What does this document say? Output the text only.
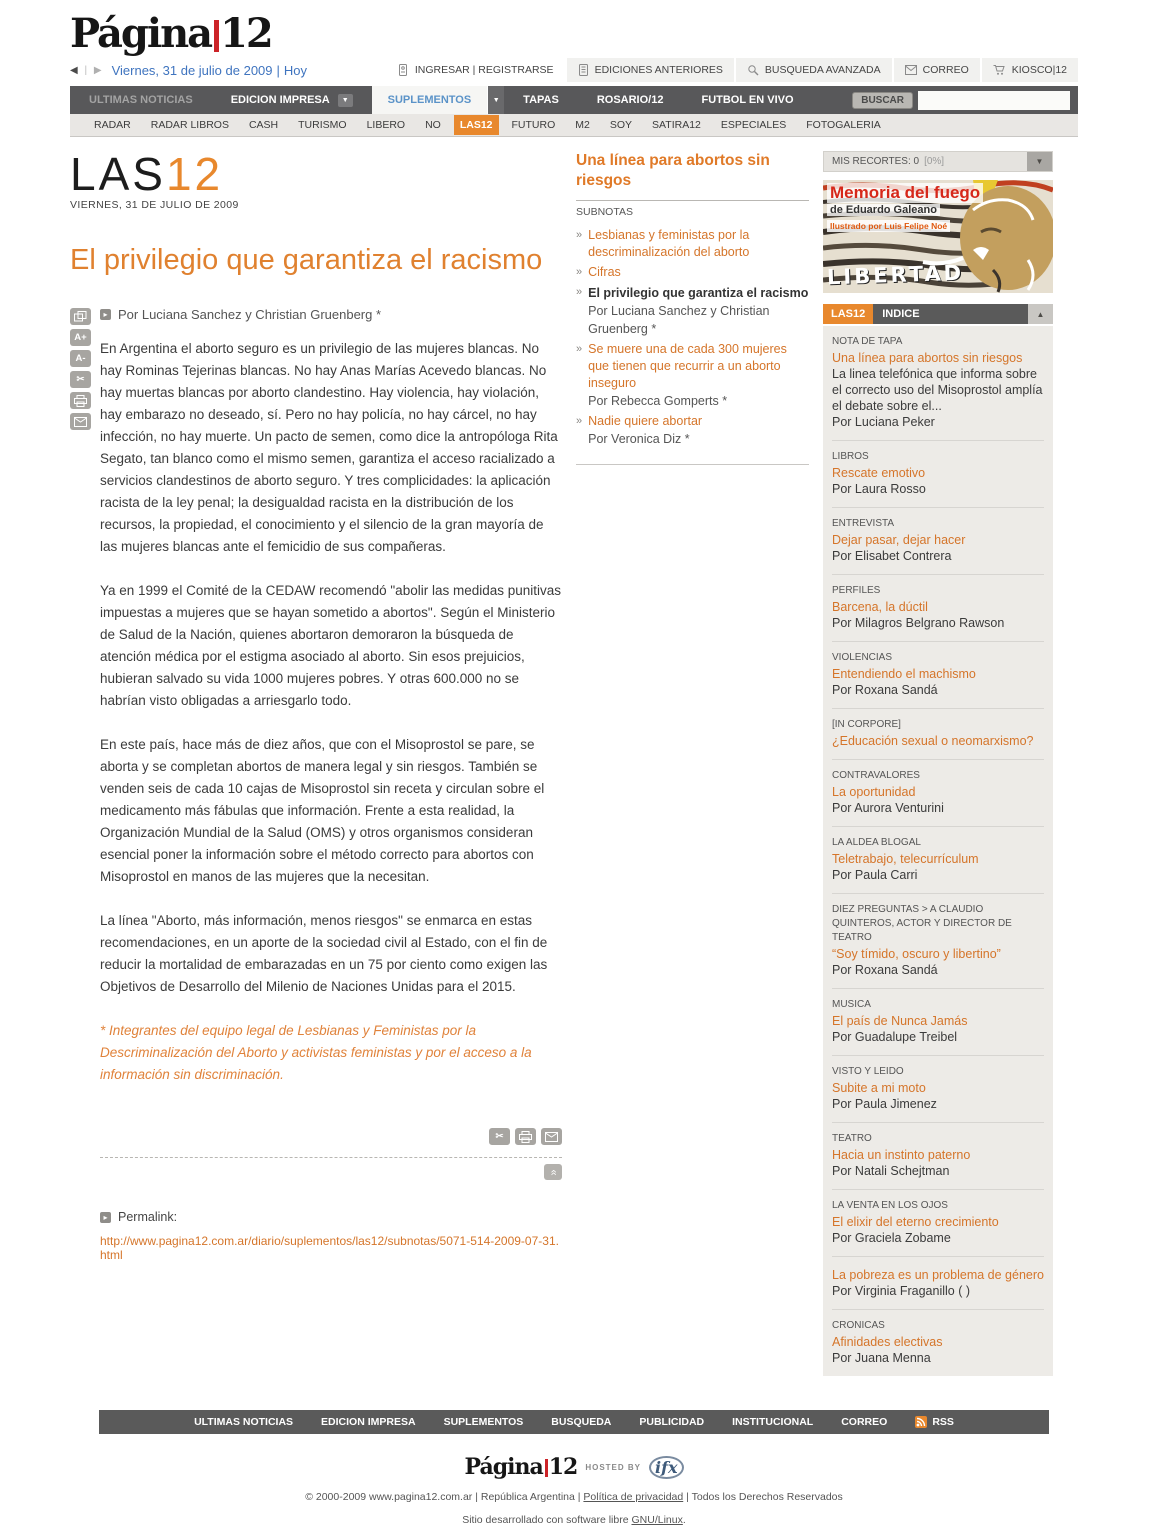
Página 12
◀ | ▶ Viernes, 31 de julio de 2009 | Hoy	INGRESAR | REGISTRARSE	EDICIONES ANTERIORES	BUSQUEDA AVANZADA	CORREO	KIOSCO|12
ULTIMAS NOTICIAS	EDICION IMPRESA	▼	SUPLEMENTOS	▼	TAPAS	ROSARIO/12	FUTBOL EN VIVO	BUSCAR
RADAR	RADAR LIBROS	CASH	TURISMO	LIBERO	NO	LAS12	FUTURO	M2	SOY	SATIRA12	ESPECIALES	FOTOGALERIA
LAS12
VIERNES, 31 DE JULIO DE 2009
El privilegio que garantiza el racismo
A+
A-
✂
▸ Por Luciana Sanchez y Christian Gruenberg *

En Argentina el aborto seguro es un privilegio de las mujeres blancas. No hay Rominas Tejerinas blancas. No hay Anas Marías Acevedo blancas. No hay muertas blancas por aborto clandestino. Hay violencia, hay violación, hay embarazo no deseado, sí. Pero no hay policía, no hay cárcel, no hay infección, no hay muerte. Un pacto de semen, como dice la antropóloga Rita Segato, tan blanco como el mismo semen, garantiza el acceso racializado a servicios clandestinos de aborto seguro. Y tres complicidades: la aplicación racista de la ley penal; la desigualdad racista en la distribución de los recursos, la propiedad, el conocimiento y el silencio de la gran mayoría de las mujeres blancas ante el femicidio de sus compañeras.

Ya en 1999 el Comité de la CEDAW recomendó "abolir las medidas punitivas impuestas a mujeres que se hayan sometido a abortos". Según el Ministerio de Salud de la Nación, quienes abortaron demoraron la búsqueda de atención médica por el estigma asociado al aborto. Sin esos prejuicios, hubieran salvado su vida 1000 mujeres pobres. Y otras 600.000 no se habrían visto obligadas a arriesgarlo todo.

En este país, hace más de diez años, que con el Misoprostol se pare, se aborta y se completan abortos de manera legal y sin riesgos. También se venden seis de cada 10 cajas de Misoprostol sin receta y circulan sobre el medicamento más fábulas que información. Frente a esta realidad, la Organización Mundial de la Salud (OMS) y otros organismos consideran esencial poner la información sobre el método correcto para abortos con Misoprostol en manos de las mujeres que la necesitan.

La línea "Aborto, más información, menos riesgos" se enmarca en estas recomendaciones, en un aporte de la sociedad civil al Estado, con el fin de reducir la mortalidad de embarazadas en un 75 por ciento como exigen las Objetivos de Desarrollo del Milenio de Naciones Unidas para el 2015.

* Integrantes del equipo legal de Lesbianas y Feministas por la Descriminalización del Aborto y activistas feministas y por el acceso a la información sin discriminación.

✂
«
▸ Permalink:
http://www.pagina12.com.ar/diario/suplementos/las12/subnotas/5071-514-2009-07-31.html
Una línea para abortos sin riesgos
SUBNOTAS
» Lesbianas y feministas por la descriminalización del aborto
» Cifras
» El privilegio que garantiza el racismo Por Luciana Sanchez y Christian Gruenberg *
» Se muere una de cada 300 mujeres que tienen que recurrir a un aborto inseguro
Por Rebecca Gomperts *
» Nadie quiere abortar
Por Veronica Diz *
MIS RECORTES: 0 [0%]	▼
Memoria del fuego
de Eduardo Galeano
Ilustrado por Luis Felipe Noé
LIBERTAD
LAS12	INDICE	▲
NOTA DE TAPA
Una línea para abortos sin riesgos
La linea telefónica que informa sobre el correcto uso del Misoprostol amplía el debate sobre el...
Por Luciana Peker
LIBROS
Rescate emotivo
Por Laura Rosso
ENTREVISTA
Dejar pasar, dejar hacer
Por Elisabet Contrera
PERFILES
Barcena, la dúctil
Por Milagros Belgrano Rawson
VIOLENCIAS
Entendiendo el machismo
Por Roxana Sandá
[IN CORPORE]
¿Educación sexual o neomarxismo?
CONTRAVALORES
La oportunidad
Por Aurora Venturini
LA ALDEA BLOGAL
Teletrabajo, telecurrículum
Por Paula Carri
DIEZ PREGUNTAS > A CLAUDIO QUINTEROS, ACTOR Y DIRECTOR DE TEATRO
“Soy tímido, oscuro y libertino”
Por Roxana Sandá
MUSICA
El país de Nunca Jamás
Por Guadalupe Treibel
VISTO Y LEIDO
Subite a mi moto
Por Paula Jimenez
TEATRO
Hacia un instinto paterno
Por Natali Schejtman
LA VENTA EN LOS OJOS
El elixir del eterno crecimiento
Por Graciela Zobame
La pobreza es un problema de género
Por Virginia Fraganillo ( )
CRONICAS
Afinidades electivas
Por Juana Menna
ULTIMAS NOTICIAS	EDICION IMPRESA	SUPLEMENTOS	BUSQUEDA	PUBLICIDAD	INSTITUCIONAL	CORREO	RSS
Página 12 HOSTED BY ifx
© 2000-2009 www.pagina12.com.ar | República Argentina | Política de privacidad | Todos los Derechos Reservados
Sitio desarrollado con software libre GNU/Linux.
